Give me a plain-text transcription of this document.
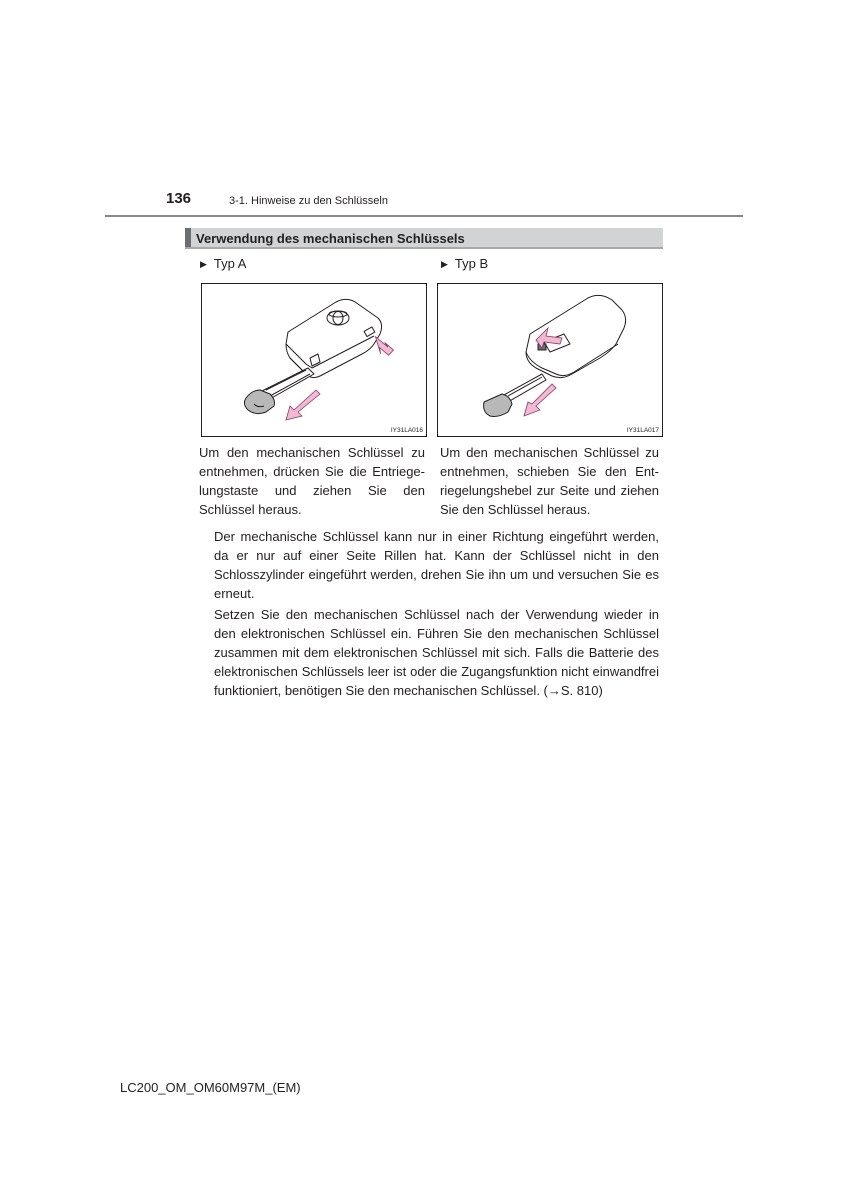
136	3-1. Hinweise zu den Schlüsseln
Verwendung des mechanischen Schlüssels
▶ Typ A	▶ Typ B
IY31LA016	IY31LA017

Um den mechanischen Schlüssel zu entnehmen, drücken Sie die Entriegelungstaste und ziehen Sie den Schlüssel heraus.

Um den mechanischen Schlüssel zu entnehmen, schieben Sie den Entriegelungshebel zur Seite und ziehen Sie den Schlüssel heraus.

Der mechanische Schlüssel kann nur in einer Richtung eingeführt werden, da er nur auf einer Seite Rillen hat. Kann der Schlüssel nicht in den Schlosszylinder eingeführt werden, drehen Sie ihn um und versuchen Sie es erneut.

Setzen Sie den mechanischen Schlüssel nach der Verwendung wieder in den elektronischen Schlüssel ein. Führen Sie den mechanischen Schlüssel zusammen mit dem elektronischen Schlüssel mit sich. Falls die Batterie des elektronischen Schlüssels leer ist oder die Zugangsfunktion nicht einwandfrei funktioniert, benötigen Sie den mechanischen Schlüssel. (→S. 810)

LC200_OM_OM60M97M_(EM)
